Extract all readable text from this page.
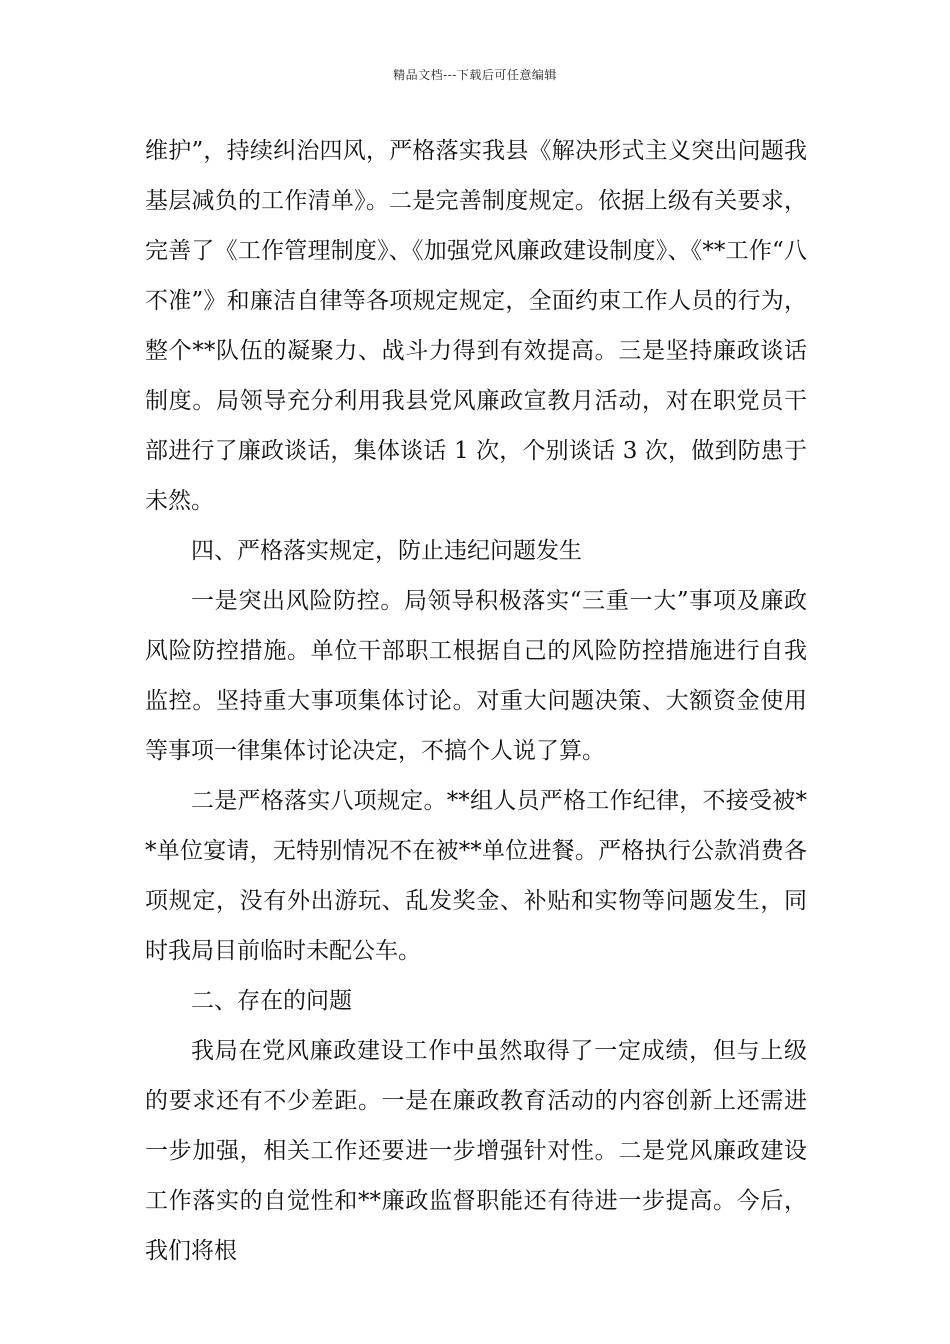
精品文档---下载后可任意编辑

维护”，持续纠治四风，严格落实我县《解决形式主义突出问题我基层减负的工作清单》。二是完善制度规定。依据上级有关要求，完善了《工作管理制度》、《加强党风廉政建设制度》、《**工作“八不准”》和廉洁自律等各项规定规定，全面约束工作人员的行为，整个**队伍的凝聚力、战斗力得到有效提高。三是坚持廉政谈话制度。局领导充分利用我县党风廉政宣教月活动，对在职党员干部进行了廉政谈话，集体谈话 1 次，个别谈话 3 次，做到防患于未然。

四、严格落实规定，防止违纪问题发生

一是突出风险防控。局领导积极落实“三重一大”事项及廉政风险防控措施。单位干部职工根据自己的风险防控措施进行自我监控。坚持重大事项集体讨论。对重大问题决策、大额资金使用等事项一律集体讨论决定，不搞个人说了算。

二是严格落实八项规定。**组人员严格工作纪律，不接受被**单位宴请，无特别情况不在被**单位进餐。严格执行公款消费各项规定，没有外出游玩、乱发奖金、补贴和实物等问题发生，同时我局目前临时未配公车。

二、存在的问题

我局在党风廉政建设工作中虽然取得了一定成绩，但与上级的要求还有不少差距。一是在廉政教育活动的内容创新上还需进一步加强，相关工作还要进一步增强针对性。二是党风廉政建设工作落实的自觉性和**廉政监督职能还有待进一步提高。今后，我们将根
